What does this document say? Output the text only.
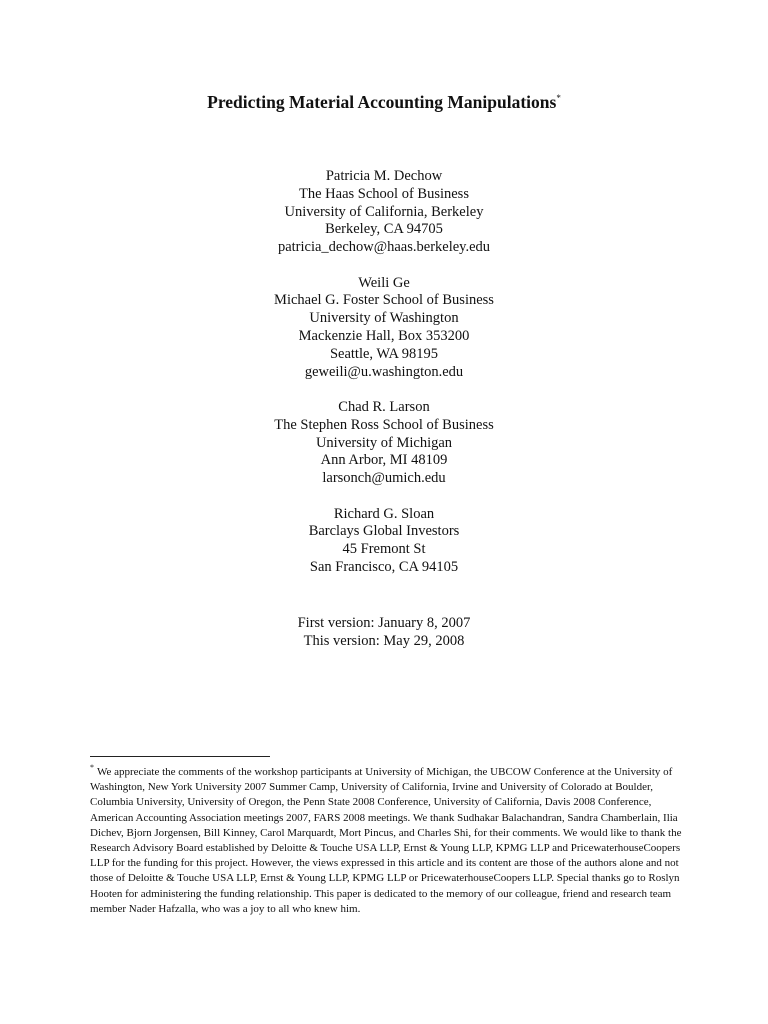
Predicting Material Accounting Manipulations*
Patricia M. Dechow
The Haas School of Business
University of California, Berkeley
Berkeley, CA 94705
patricia_dechow@haas.berkeley.edu
Weili Ge
Michael G. Foster School of Business
University of Washington
Mackenzie Hall, Box 353200
Seattle, WA 98195
geweili@u.washington.edu
Chad R. Larson
The Stephen Ross School of Business
University of Michigan
Ann Arbor, MI 48109
larsonch@umich.edu
Richard G. Sloan
Barclays Global Investors
45 Fremont St
San Francisco, CA 94105
First version: January 8, 2007
This version: May 29, 2008
* We appreciate the comments of the workshop participants at University of Michigan, the UBCOW Conference at the University of Washington, New York University 2007 Summer Camp, University of California, Irvine and University of Colorado at Boulder, Columbia University, University of Oregon, the Penn State 2008 Conference, University of California, Davis 2008 Conference, American Accounting Association meetings 2007, FARS 2008 meetings. We thank Sudhakar Balachandran, Sandra Chamberlain, Ilia Dichev, Bjorn Jorgensen, Bill Kinney, Carol Marquardt, Mort Pincus, and Charles Shi, for their comments. We would like to thank the Research Advisory Board established by Deloitte & Touche USA LLP, Ernst & Young LLP, KPMG LLP and PricewaterhouseCoopers LLP for the funding for this project. However, the views expressed in this article and its content are those of the authors alone and not those of Deloitte & Touche USA LLP, Ernst & Young LLP, KPMG LLP or PricewaterhouseCoopers LLP. Special thanks go to Roslyn Hooten for administering the funding relationship. This paper is dedicated to the memory of our colleague, friend and research team member Nader Hafzalla, who was a joy to all who knew him.
